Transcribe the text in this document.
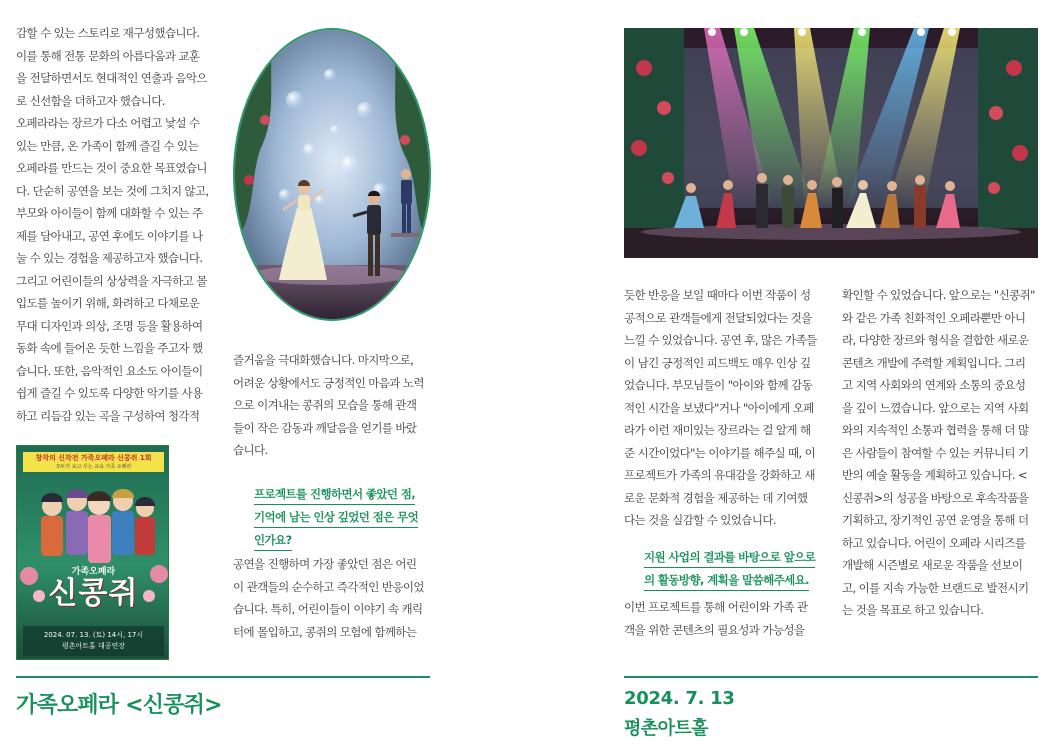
감할 수 있는 스토리로 재구성했습니다.

이를 통해 전통 문화의 아름다움과 교훈

을 전달하면서도 현대적인 연출과 음악으

로 신선함을 더하고자 했습니다.

오페라라는 장르가 다소 어렵고 낯설 수

있는 만큼, 온 가족이 함께 즐길 수 있는

오페라를 만드는 것이 중요한 목표였습니

다. 단순히 공연을 보는 것에 그치지 않고,

부모와 아이들이 함께 대화할 수 있는 주

제를 담아내고, 공연 후에도 이야기를 나

눌 수 있는 경험을 제공하고자 했습니다.

그리고 어린이들의 상상력을 자극하고 몰

입도를 높이기 위해, 화려하고 다채로운

무대 디자인과 의상, 조명 등을 활용하여

동화 속에 들어온 듯한 느낌을 주고자 했

습니다. 또한, 음악적인 요소도 아이들이

쉽게 즐길 수 있도록 다양한 악기를 사용

하고 리듬감 있는 곡을 구성하여 청각적

즐거움을 극대화했습니다. 마지막으로,

어려운 상황에서도 긍정적인 마음과 노력

으로 이겨내는 콩쥐의 모습을 통해 관객

들이 작은 감동과 깨달음을 얻기를 바랐

습니다.

프로젝트를 진행하면서 좋았던 점,
기억에 남는 인상 깊었던 점은 무엇
인가요?

공연을 진행하며 가장 좋았던 점은 어린

이 관객들의 순수하고 즉각적인 반응이었

습니다. 특히, 어린이들이 이야기 속 캐릭

터에 몰입하고, 콩쥐의 모험에 함께하는

창작의 신작전 가족오페라 신콩쥐 1회
모두가 보고 꾸는 교육 가족 오페라
가족오페라
신콩쥐
2024. 07. 13. (토) 14시, 17시
평촌아트홀 대공연장
가족오페라 <신콩쥐>

듯한 반응을 보일 때마다 이번 작품이 성

공적으로 관객들에게 전달되었다는 것을

느낄 수 있었습니다. 공연 후, 많은 가족들

이 남긴 긍정적인 피드백도 매우 인상 깊

었습니다. 부모님들이 "아이와 함께 감동

적인 시간을 보냈다"거나 "아이에게 오페

라가 이런 재미있는 장르라는 걸 알게 해

준 시간이었다"는 이야기를 해주실 때, 이

프로젝트가 가족의 유대감을 강화하고 새

로운 문화적 경험을 제공하는 데 기여했

다는 것을 실감할 수 있었습니다.

지원 사업의 결과를 바탕으로 앞으로
의 활동방향, 계획을 말씀해주세요.

이번 프로젝트를 통해 어린이와 가족 관

객을 위한 콘텐츠의 필요성과 가능성을

확인할 수 있었습니다. 앞으로는 "신콩쥐"

와 같은 가족 친화적인 오페라뿐만 아니

라, 다양한 장르와 형식을 결합한 새로운

콘텐츠 개발에 주력할 계획입니다. 그리

고 지역 사회와의 연계와 소통의 중요성

을 깊이 느꼈습니다. 앞으로는 지역 사회

와의 지속적인 소통과 협력을 통해 더 많

은 사람들이 참여할 수 있는 커뮤니티 기

반의 예술 활동을 계획하고 있습니다. <

신콩쥐>의 성공을 바탕으로 후속작품을

기획하고, 장기적인 공연 운영을 통해 더

하고 있습니다. 어린이 오페라 시리즈를

개발해 시즌별로 새로운 작품을 선보이

고, 이를 지속 가능한 브랜드로 발전시키

는 것을 목표로 하고 있습니다.

2024. 7. 13
평촌아트홀
